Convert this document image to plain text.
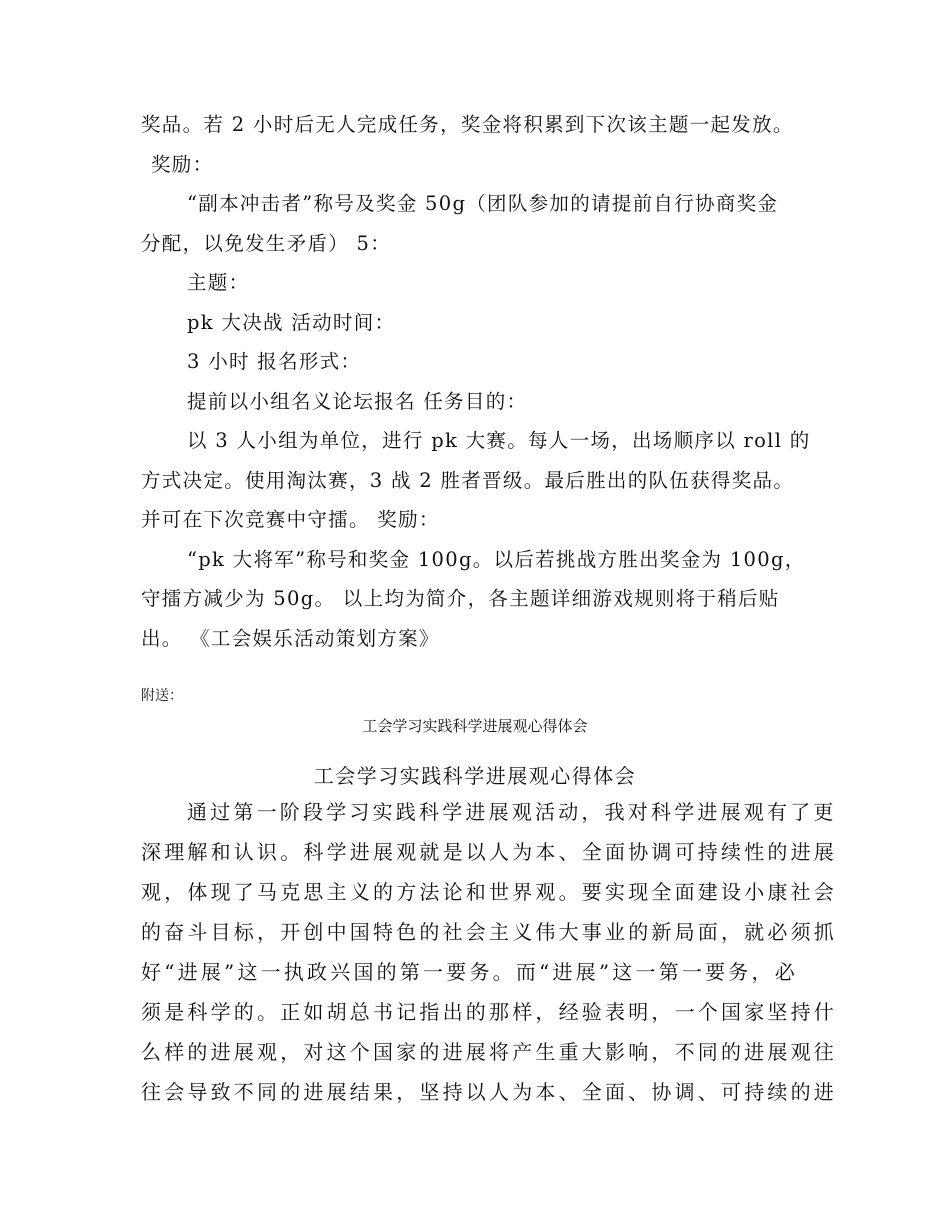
奖品。若 2 小时后无人完成任务，奖金将积累到下次该主题一起发放。
奖励：
“副本冲击者”称号及奖金 50g（团队参加的请提前自行协商奖金
分配，以免发生矛盾） 5：
主题：
pk 大决战 活动时间：
3 小时 报名形式：
提前以小组名义论坛报名 任务目的：
以 3 人小组为单位，进行 pk 大赛。每人一场，出场顺序以 roll 的
方式决定。使用淘汰赛，3 战 2 胜者晋级。最后胜出的队伍获得奖品。
并可在下次竞赛中守擂。 奖励：
“pk 大将军”称号和奖金 100g。以后若挑战方胜出奖金为 100g，
守擂方减少为 50g。 以上均为简介，各主题详细游戏规则将于稍后贴
出。 《工会娱乐活动策划方案》
附送：
工会学习实践科学进展观心得体会
工会学习实践科学进展观心得体会
通过第一阶段学习实践科学进展观活动，我对科学进展观有了更
深理解和认识。科学进展观就是以人为本、全面协调可持续性的进展
观，体现了马克思主义的方法论和世界观。要实现全面建设小康社会
的奋斗目标，开创中国特色的社会主义伟大事业的新局面，就必须抓
好“进展”这一执政兴国的第一要务。而“进展”这一第一要务，必
须是科学的。正如胡总书记指出的那样，经验表明，一个国家坚持什
么样的进展观，对这个国家的进展将产生重大影响，不同的进展观往
往会导致不同的进展结果，坚持以人为本、全面、协调、可持续的进
